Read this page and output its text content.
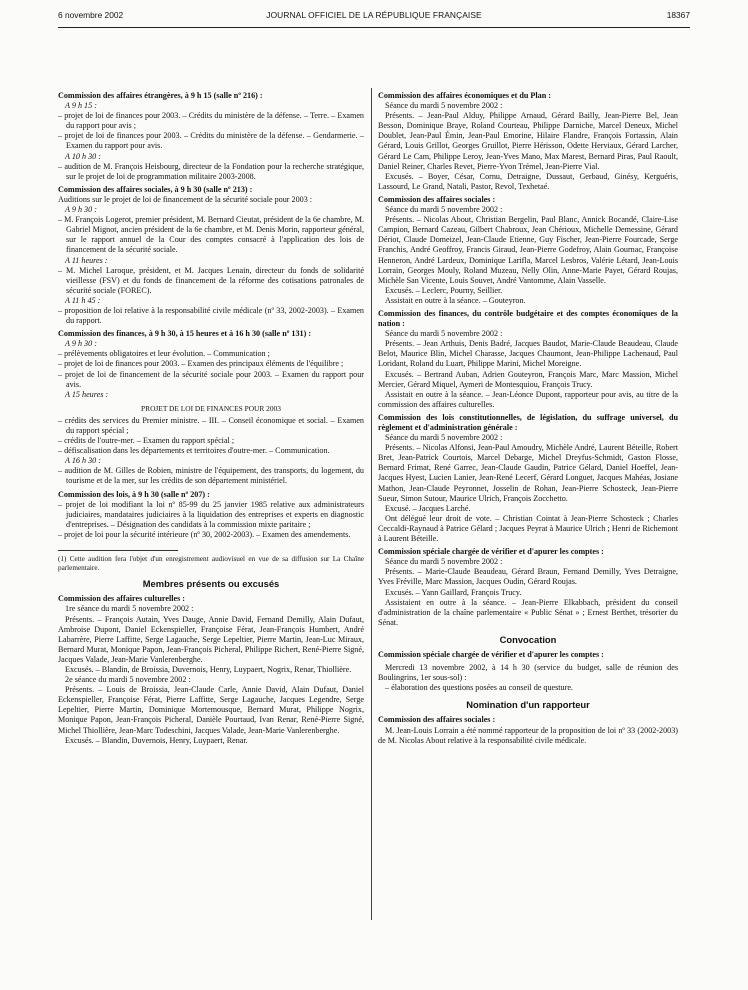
6 novembre 2002	JOURNAL OFFICIEL DE LA RÉPUBLIQUE FRANÇAISE	18367

Commission des affaires étrangères, à 9 h 15 (salle nº 216) :

A 9 h 15 :

– projet de loi de finances pour 2003. – Crédits du ministère de la défense. – Terre. – Examen du rapport pour avis ;

– projet de loi de finances pour 2003. – Crédits du ministère de la défense. – Gendarmerie. – Examen du rapport pour avis.

A 10 h 30 :

– audition de M. François Heisbourg, directeur de la Fondation pour la recherche stratégique, sur le projet de loi de programmation militaire 2003-2008.

Commission des affaires sociales, à 9 h 30 (salle nº 213) :

Auditions sur le projet de loi de financement de la sécurité sociale pour 2003 :

A 9 h 30 :

– M. François Logerot, premier président, M. Bernard Cieutat, président de la 6e chambre, M. Gabriel Mignot, ancien président de la 6e chambre, et M. Denis Morin, rapporteur général, sur le rapport annuel de la Cour des comptes consacré à l'application des lois de financement de la sécurité sociale.

A 11 heures :

– M. Michel Laroque, président, et M. Jacques Lenain, directeur du fonds de solidarité vieillesse (FSV) et du fonds de financement de la réforme des cotisations patronales de sécurité sociale (FOREC).

A 11 h 45 :

– proposition de loi relative à la responsabilité civile médicale (nº 33, 2002-2003). – Examen du rapport.

Commission des finances, à 9 h 30, à 15 heures et à 16 h 30 (salle nº 131) :

A 9 h 30 :

– prélèvements obligatoires et leur évolution. – Communication ;

– projet de loi de finances pour 2003. – Examen des principaux éléments de l'équilibre ;

– projet de loi de financement de la sécurité sociale pour 2003. – Examen du rapport pour avis.

A 15 heures :

PROJET DE LOI DE FINANCES POUR 2003

– crédits des services du Premier ministre. – III. – Conseil économique et social. – Examen du rapport spécial ;

– crédits de l'outre-mer. – Examen du rapport spécial ;

– défiscalisation dans les départements et territoires d'outre-mer. – Communication.

A 16 h 30 :

– audition de M. Gilles de Robien, ministre de l'équipement, des transports, du logement, du tourisme et de la mer, sur les crédits de son département ministériel.

Commission des lois, à 9 h 30 (salle nº 207) :

– projet de loi modifiant la loi nº 85-99 du 25 janvier 1985 relative aux administrateurs judiciaires, mandataires judiciaires à la liquidation des entreprises et experts en diagnostic d'entreprises. – Désignation des candidats à la commission mixte paritaire ;

– projet de loi pour la sécurité intérieure (nº 30, 2002-2003). – Examen des amendements.

(1) Cette audition fera l'objet d'un enregistrement audiovisuel en vue de sa diffusion sur La Chaîne parlementaire.

Membres présents ou excusés

Commission des affaires culturelles :

1re séance du mardi 5 novembre 2002 :

Présents. – François Autain, Yves Dauge, Annie David, Fernand Demilly, Alain Dufaut, Ambroise Dupont, Daniel Eckenspieller, Françoise Férat, Jean-François Humbert, André Labarrère, Pierre Laffitte, Serge Lagauche, Serge Lepeltier, Pierre Martin, Jean-Luc Miraux, Bernard Murat, Monique Papon, Jean-François Picheral, Philippe Richert, René-Pierre Signé, Jacques Valade, Jean-Marie Vanlerenberghe.

Excusés. – Blandin, de Broissia, Duvernois, Henry, Luypaert, Nogrix, Renar, Thiollière.

2e séance du mardi 5 novembre 2002 :

Présents. – Louis de Broissia, Jean-Claude Carle, Annie David, Alain Dufaut, Daniel Eckenspieller, Françoise Férat, Pierre Laffitte, Serge Lagauche, Jacques Legendre, Serge Lepeltier, Pierre Martin, Dominique Mortemousque, Bernard Murat, Philippe Nogrix, Monique Papon, Jean-François Picheral, Danièle Pourtaud, Ivan Renar, René-Pierre Signé, Michel Thiollière, Jean-Marc Todeschini, Jacques Valade, Jean-Marie Vanlerenberghe.

Excusés. – Blandin, Duvernois, Henry, Luypaert, Renar.

Commission des affaires économiques et du Plan :

Séance du mardi 5 novembre 2002 :

Présents. – Jean-Paul Alduy, Philippe Arnaud, Gérard Bailly, Jean-Pierre Bel, Jean Besson, Dominique Braye, Roland Courteau, Philippe Darniche, Marcel Deneux, Michel Doublet, Jean-Paul Émin, Jean-Paul Emorine, Hilaire Flandre, François Fortassin, Alain Gérard, Louis Grillot, Georges Gruillot, Pierre Hérisson, Odette Herviaux, Gérard Larcher, Gérard Le Cam, Philippe Leroy, Jean-Yves Mano, Max Marest, Bernard Piras, Paul Raoult, Daniel Reiner, Charles Revet, Pierre-Yvon Trémel, Jean-Pierre Vial.

Excusés. – Boyer, César, Cornu, Detraigne, Dussaut, Gerbaud, Ginésy, Kerguéris, Lassourd, Le Grand, Natali, Pastor, Revol, Texhetaé.

Commission des affaires sociales :

Séance du mardi 5 novembre 2002 :

Présents. – Nicolas About, Christian Bergelin, Paul Blanc, Annick Bocandé, Claire-Lise Campion, Bernard Cazeau, Gilbert Chabroux, Jean Chérioux, Michelle Demessine, Gérard Dériot, Claude Domeizel, Jean-Claude Etienne, Guy Fischer, Jean-Pierre Fourcade, Serge Franchis, André Geoffroy, Francis Giraud, Jean-Pierre Godefroy, Alain Gournac, Françoise Henneron, André Lardeux, Dominique Larifla, Marcel Lesbros, Valérie Létard, Jean-Louis Lorrain, Georges Mouly, Roland Muzeau, Nelly Olin, Anne-Marie Payet, Gérard Roujas, Michèle San Vicente, Louis Souvet, André Vantomme, Alain Vasselle.

Excusés. – Leclerc, Pourny, Seillier.

Assistait en outre à la séance. – Gouteyron.

Commission des finances, du contrôle budgétaire et des comptes économiques de la nation :

Séance du mardi 5 novembre 2002 :

Présents. – Jean Arthuis, Denis Badré, Jacques Baudot, Marie-Claude Beaudeau, Claude Belot, Maurice Blin, Michel Charasse, Jacques Chaumont, Jean-Philippe Lachenaud, Paul Loridant, Roland du Luart, Philippe Marini, Michel Moreigne.

Excusés. – Bertrand Auban, Adrien Gouteyron, François Marc, Marc Massion, Michel Mercier, Gérard Miquel, Aymeri de Montesquiou, François Trucy.

Assistait en outre à la séance. – Jean-Léonce Dupont, rapporteur pour avis, au titre de la commission des affaires culturelles.

Commission des lois constitutionnelles, de législation, du suffrage universel, du règlement et d'administration générale :

Séance du mardi 5 novembre 2002 :

Présents. – Nicolas Alfonsi, Jean-Paul Amoudry, Michèle André, Laurent Béteille, Robert Bret, Jean-Patrick Courtois, Marcel Debarge, Michel Dreyfus-Schmidt, Gaston Flosse, Bernard Frimat, René Garrec, Jean-Claude Gaudin, Patrice Gélard, Daniel Hoeffel, Jean-Jacques Hyest, Lucien Lanier, Jean-René Lecerf, Gérard Longuet, Jacques Mahéas, Josiane Mathon, Jean-Claude Peyronnet, Josselin de Rohan, Jean-Pierre Schosteck, Jean-Pierre Sueur, Simon Sutour, Maurice Ulrich, François Zocchetto.

Excusé. – Jacques Larché.

Ont délégué leur droit de vote. – Christian Cointat à Jean-Pierre Schosteck ; Charles Ceccaldi-Raynaud à Patrice Gélard ; Jacques Peyrat à Maurice Ulrich ; Henri de Richemont à Laurent Béteille.

Commission spéciale chargée de vérifier et d'apurer les comptes :

Séance du mardi 5 novembre 2002 :

Présents. – Marie-Claude Beaudeau, Gérard Braun, Fernand Demilly, Yves Detraigne, Yves Fréville, Marc Massion, Jacques Oudin, Gérard Roujas.

Excusés. – Yann Gaillard, François Trucy.

Assistaient en outre à la séance. – Jean-Pierre Elkabbach, président du conseil d'administration de la chaîne parlementaire « Public Sénat » ; Ernest Berthet, trésorier du Sénat.

Convocation

Commission spéciale chargée de vérifier et d'apurer les comptes :

Mercredi 13 novembre 2002, à 14 h 30 (service du budget, salle de réunion des Boulingrins, 1er sous-sol) :

– élaboration des questions posées au conseil de questure.

Nomination d'un rapporteur

Commission des affaires sociales :

M. Jean-Louis Lorrain a été nommé rapporteur de la proposition de loi nº 33 (2002-2003) de M. Nicolas About relative à la responsabilité civile médicale.
